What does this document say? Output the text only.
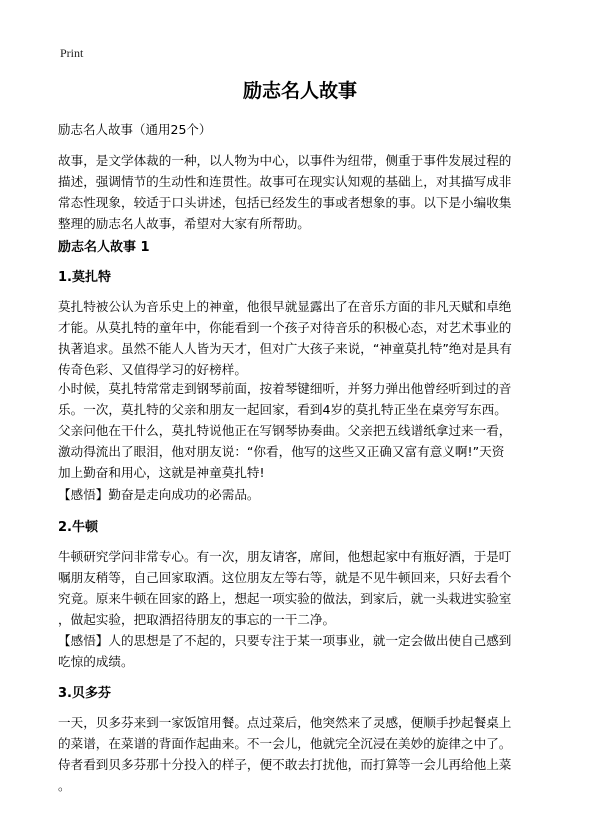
Print
励志名人故事
励志名人故事（通用25个）
故事，是文学体裁的一种，以人物为中心，以事件为纽带，侧重于事件发展过程的
描述，强调情节的生动性和连贯性。故事可在现实认知观的基础上，对其描写成非
常态性现象，较适于口头讲述，包括已经发生的事或者想象的事。以下是小编收集
整理的励志名人故事，希望对大家有所帮助。
励志名人故事 1
1.莫扎特
莫扎特被公认为音乐史上的神童，他很早就显露出了在音乐方面的非凡天赋和卓绝
才能。从莫扎特的童年中，你能看到一个孩子对待音乐的积极心态，对艺术事业的
执著追求。虽然不能人人皆为天才，但对广大孩子来说，“神童莫扎特”绝对是具有
传奇色彩、又值得学习的好榜样。
小时候，莫扎特常常走到钢琴前面，按着琴键细听，并努力弹出他曾经听到过的音
乐。一次，莫扎特的父亲和朋友一起回家，看到4岁的莫扎特正坐在桌旁写东西。
父亲问他在干什么，莫扎特说他正在写钢琴协奏曲。父亲把五线谱纸拿过来一看，
激动得流出了眼泪，他对朋友说：“你看，他写的这些又正确又富有意义啊!”天资
加上勤奋和用心，这就是神童莫扎特!
【感悟】勤奋是走向成功的必需品。
2.牛顿
牛顿研究学问非常专心。有一次，朋友请客，席间，他想起家中有瓶好酒，于是叮
嘱朋友稍等，自己回家取酒。这位朋友左等右等，就是不见牛顿回来，只好去看个
究竟。原来牛顿在回家的路上，想起一项实验的做法，到家后，就一头栽进实验室
，做起实验，把取酒招待朋友的事忘的一干二净。
【感悟】人的思想是了不起的，只要专注于某一项事业，就一定会做出使自己感到
吃惊的成绩。
3.贝多芬
一天，贝多芬来到一家饭馆用餐。点过菜后，他突然来了灵感，便顺手抄起餐桌上
的菜谱，在菜谱的背面作起曲来。不一会儿，他就完全沉浸在美妙的旋律之中了。
侍者看到贝多芬那十分投入的样子，便不敢去打扰他，而打算等一会儿再给他上菜
。
